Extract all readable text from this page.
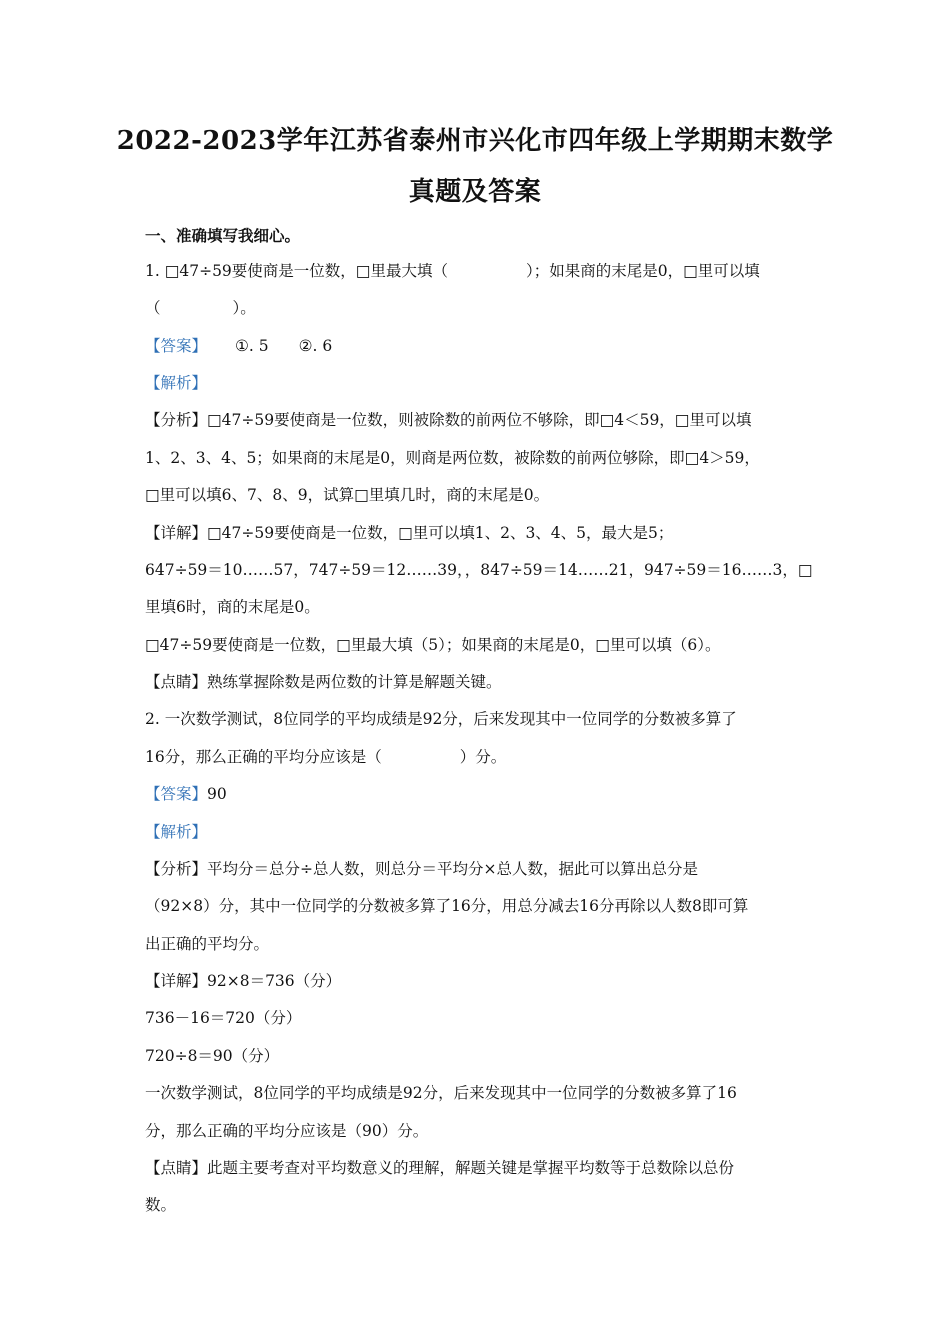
2022-2023学年江苏省泰州市兴化市四年级上学期期末数学
真题及答案
一、准确填写我细心。
1. □47÷59要使商是一位数，□里最大填（	）；如果商的末尾是0，□里可以填
（	）。
【答案】 ①. 5 ②. 6
【解析】
【分析】□47÷59要使商是一位数，则被除数的前两位不够除，即□4＜59，□里可以填
1、2、3、4、5；如果商的末尾是0，则商是两位数，被除数的前两位够除，即□4＞59，
□里可以填6、7、8、9，试算□里填几时，商的末尾是0。
【详解】□47÷59要使商是一位数，□里可以填1、2、3、4、5，最大是5；
647÷59＝10……57，747÷59＝12……39，，847÷59＝14……21，947÷59＝16……3，□
里填6时，商的末尾是0。
□47÷59要使商是一位数，□里最大填（5）；如果商的末尾是0，□里可以填（6）。
【点睛】熟练掌握除数是两位数的计算是解题关键。
2. 一次数学测试，8位同学的平均成绩是92分，后来发现其中一位同学的分数被多算了
16分，那么正确的平均分应该是（	）分。
【答案】90
【解析】
【分析】平均分＝总分÷总人数，则总分＝平均分×总人数，据此可以算出总分是
（92×8）分，其中一位同学的分数被多算了16分，用总分减去16分再除以人数8即可算
出正确的平均分。
【详解】92×8＝736（分）
736－16＝720（分）
720÷8＝90（分）
一次数学测试，8位同学的平均成绩是92分，后来发现其中一位同学的分数被多算了16
分，那么正确的平均分应该是（90）分。
【点睛】此题主要考查对平均数意义的理解，解题关键是掌握平均数等于总数除以总份
数。
